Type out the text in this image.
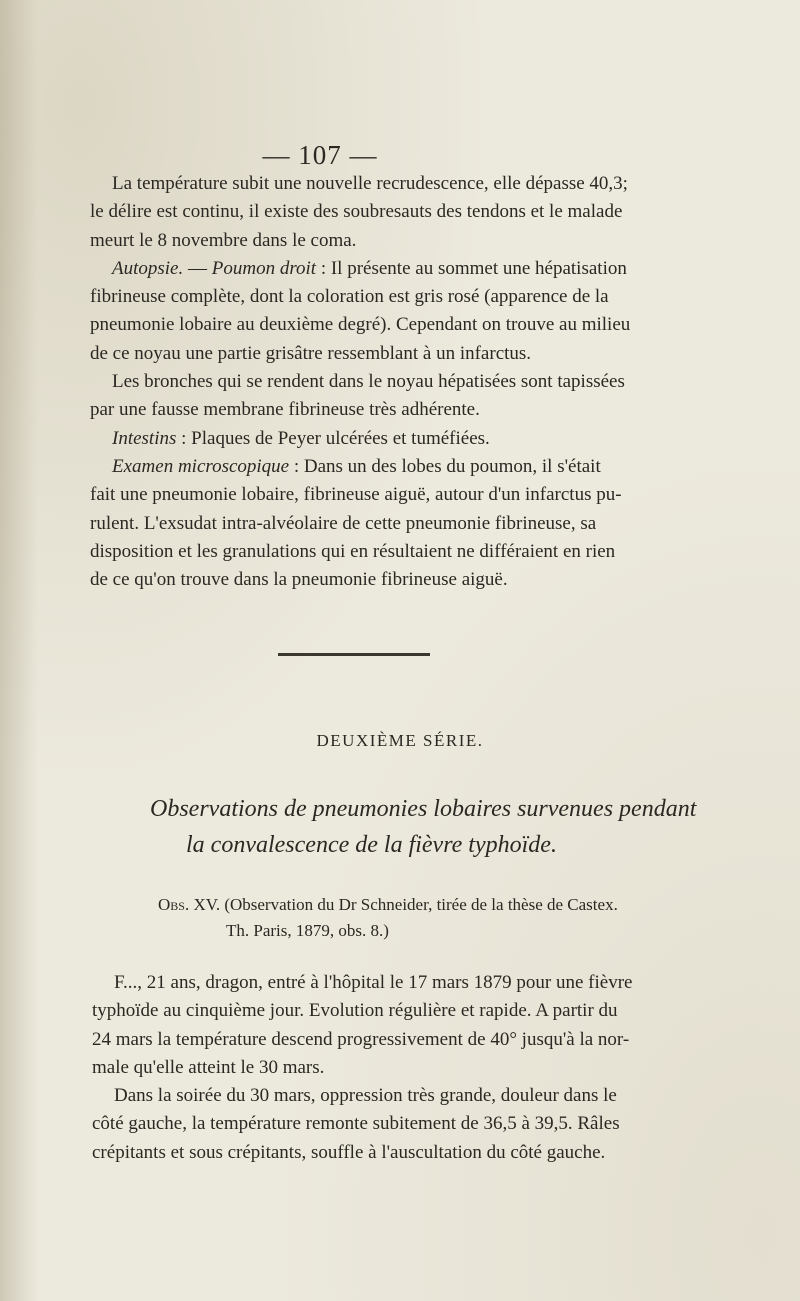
— 107 —

La température subit une nouvelle recrudescence, elle dépasse 40,3;
le délire est continu, il existe des soubresauts des tendons et le malade
meurt le 8 novembre dans le coma.

Autopsie. — Poumon droit : Il présente au sommet une hépatisation
fibrineuse complète, dont la coloration est gris rosé (apparence de la
pneumonie lobaire au deuxième degré). Cependant on trouve au milieu
de ce noyau une partie grisâtre ressemblant à un infarctus.

Les bronches qui se rendent dans le noyau hépatisées sont tapissées
par une fausse membrane fibrineuse très adhérente.

Intestins : Plaques de Peyer ulcérées et tuméfiées.

Examen microscopique : Dans un des lobes du poumon, il s'était
fait une pneumonie lobaire, fibrineuse aiguë, autour d'un infarctus pu-
rulent. L'exsudat intra-alvéolaire de cette pneumonie fibrineuse, sa
disposition et les granulations qui en résultaient ne différaient en rien
de ce qu'on trouve dans la pneumonie fibrineuse aiguë.

DEUXIÈME SÉRIE.
Observations de pneumonies lobaires survenues pendant
la convalescence de la fièvre typhoïde.
Obs. XV. (Observation du Dr Schneider, tirée de la thèse de Castex.
Th. Paris, 1879, obs. 8.)

F..., 21 ans, dragon, entré à l'hôpital le 17 mars 1879 pour une fièvre
typhoïde au cinquième jour. Evolution régulière et rapide. A partir du
24 mars la température descend progressivement de 40° jusqu'à la nor-
male qu'elle atteint le 30 mars.

Dans la soirée du 30 mars, oppression très grande, douleur dans le
côté gauche, la température remonte subitement de 36,5 à 39,5. Râles
crépitants et sous crépitants, souffle à l'auscultation du côté gauche.
